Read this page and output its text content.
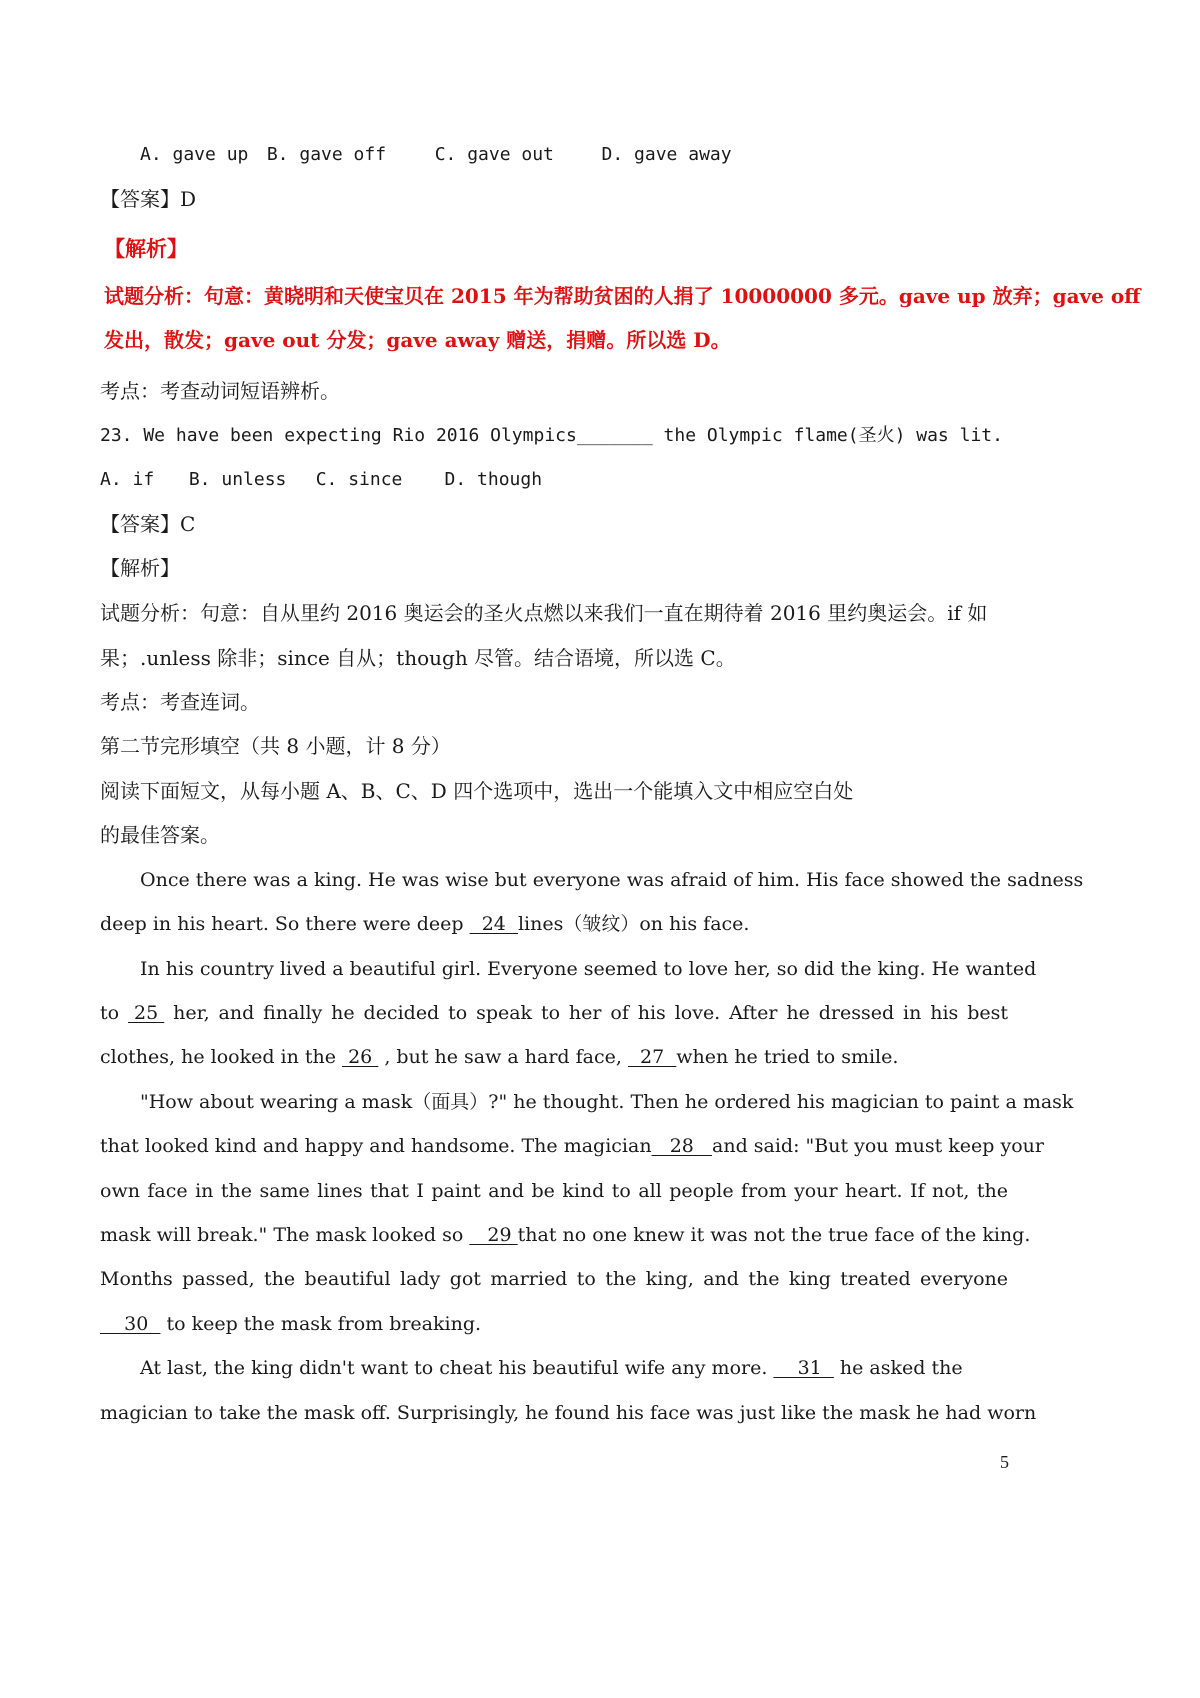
A. gave up B. gave off	C. gave out	D. gave away
【答案】D
【解析】
试题分析：句意：黄晓明和天使宝贝在 2015 年为帮助贫困的人捐了 10000000 多元。gave up 放弃；gave off
发出，散发；gave out 分发；gave away 赠送，捐赠。所以选 D。
考点：考查动词短语辨析。
23. We have been expecting Rio 2016 Olympics_______ the Olympic flame(圣火) was lit.
A. if B. unless C. since D. though
【答案】C
【解析】
试题分析：句意：自从里约 2016 奥运会的圣火点燃以来我们一直在期待着 2016 里约奥运会。if 如
果；.unless 除非；since 自从；though 尽管。结合语境，所以选 C。
考点：考查连词。
第二节完形填空（共 8 小题，计 8 分）
阅读下面短文，从每小题 A、B、C、D 四个选项中，选出一个能填入文中相应空白处
的最佳答案。
Once there was a king. He was wise but everyone was afraid of him. His face showed the sadness
deep in his heart. So there were deep   24  lines（皱纹）on his face.
In his country lived a beautiful girl. Everyone seemed to love her, so did the king. He wanted
to  25  her, and finally he decided to speak to her of his love. After he dressed in his best
clothes, he looked in the  26  , but he saw a hard face,   27  when he tried to smile.
"How about wearing a mask（面具）?" he thought. Then he ordered his magician to paint a mask
that looked kind and happy and handsome. The magician   28   and said: "But you must keep your
own face in the same lines that I paint and be kind to all people from your heart. If not, the
mask will break." The mask looked so    29 that no one knew it was not the true face of the king.
Months passed, the beautiful lady got married to the king, and the king treated everyone
30   to keep the mask from breaking.
At last, the king didn't want to cheat his beautiful wife any more.     31   he asked the
magician to take the mask off. Surprisingly, he found his face was just like the mask he had worn
5
